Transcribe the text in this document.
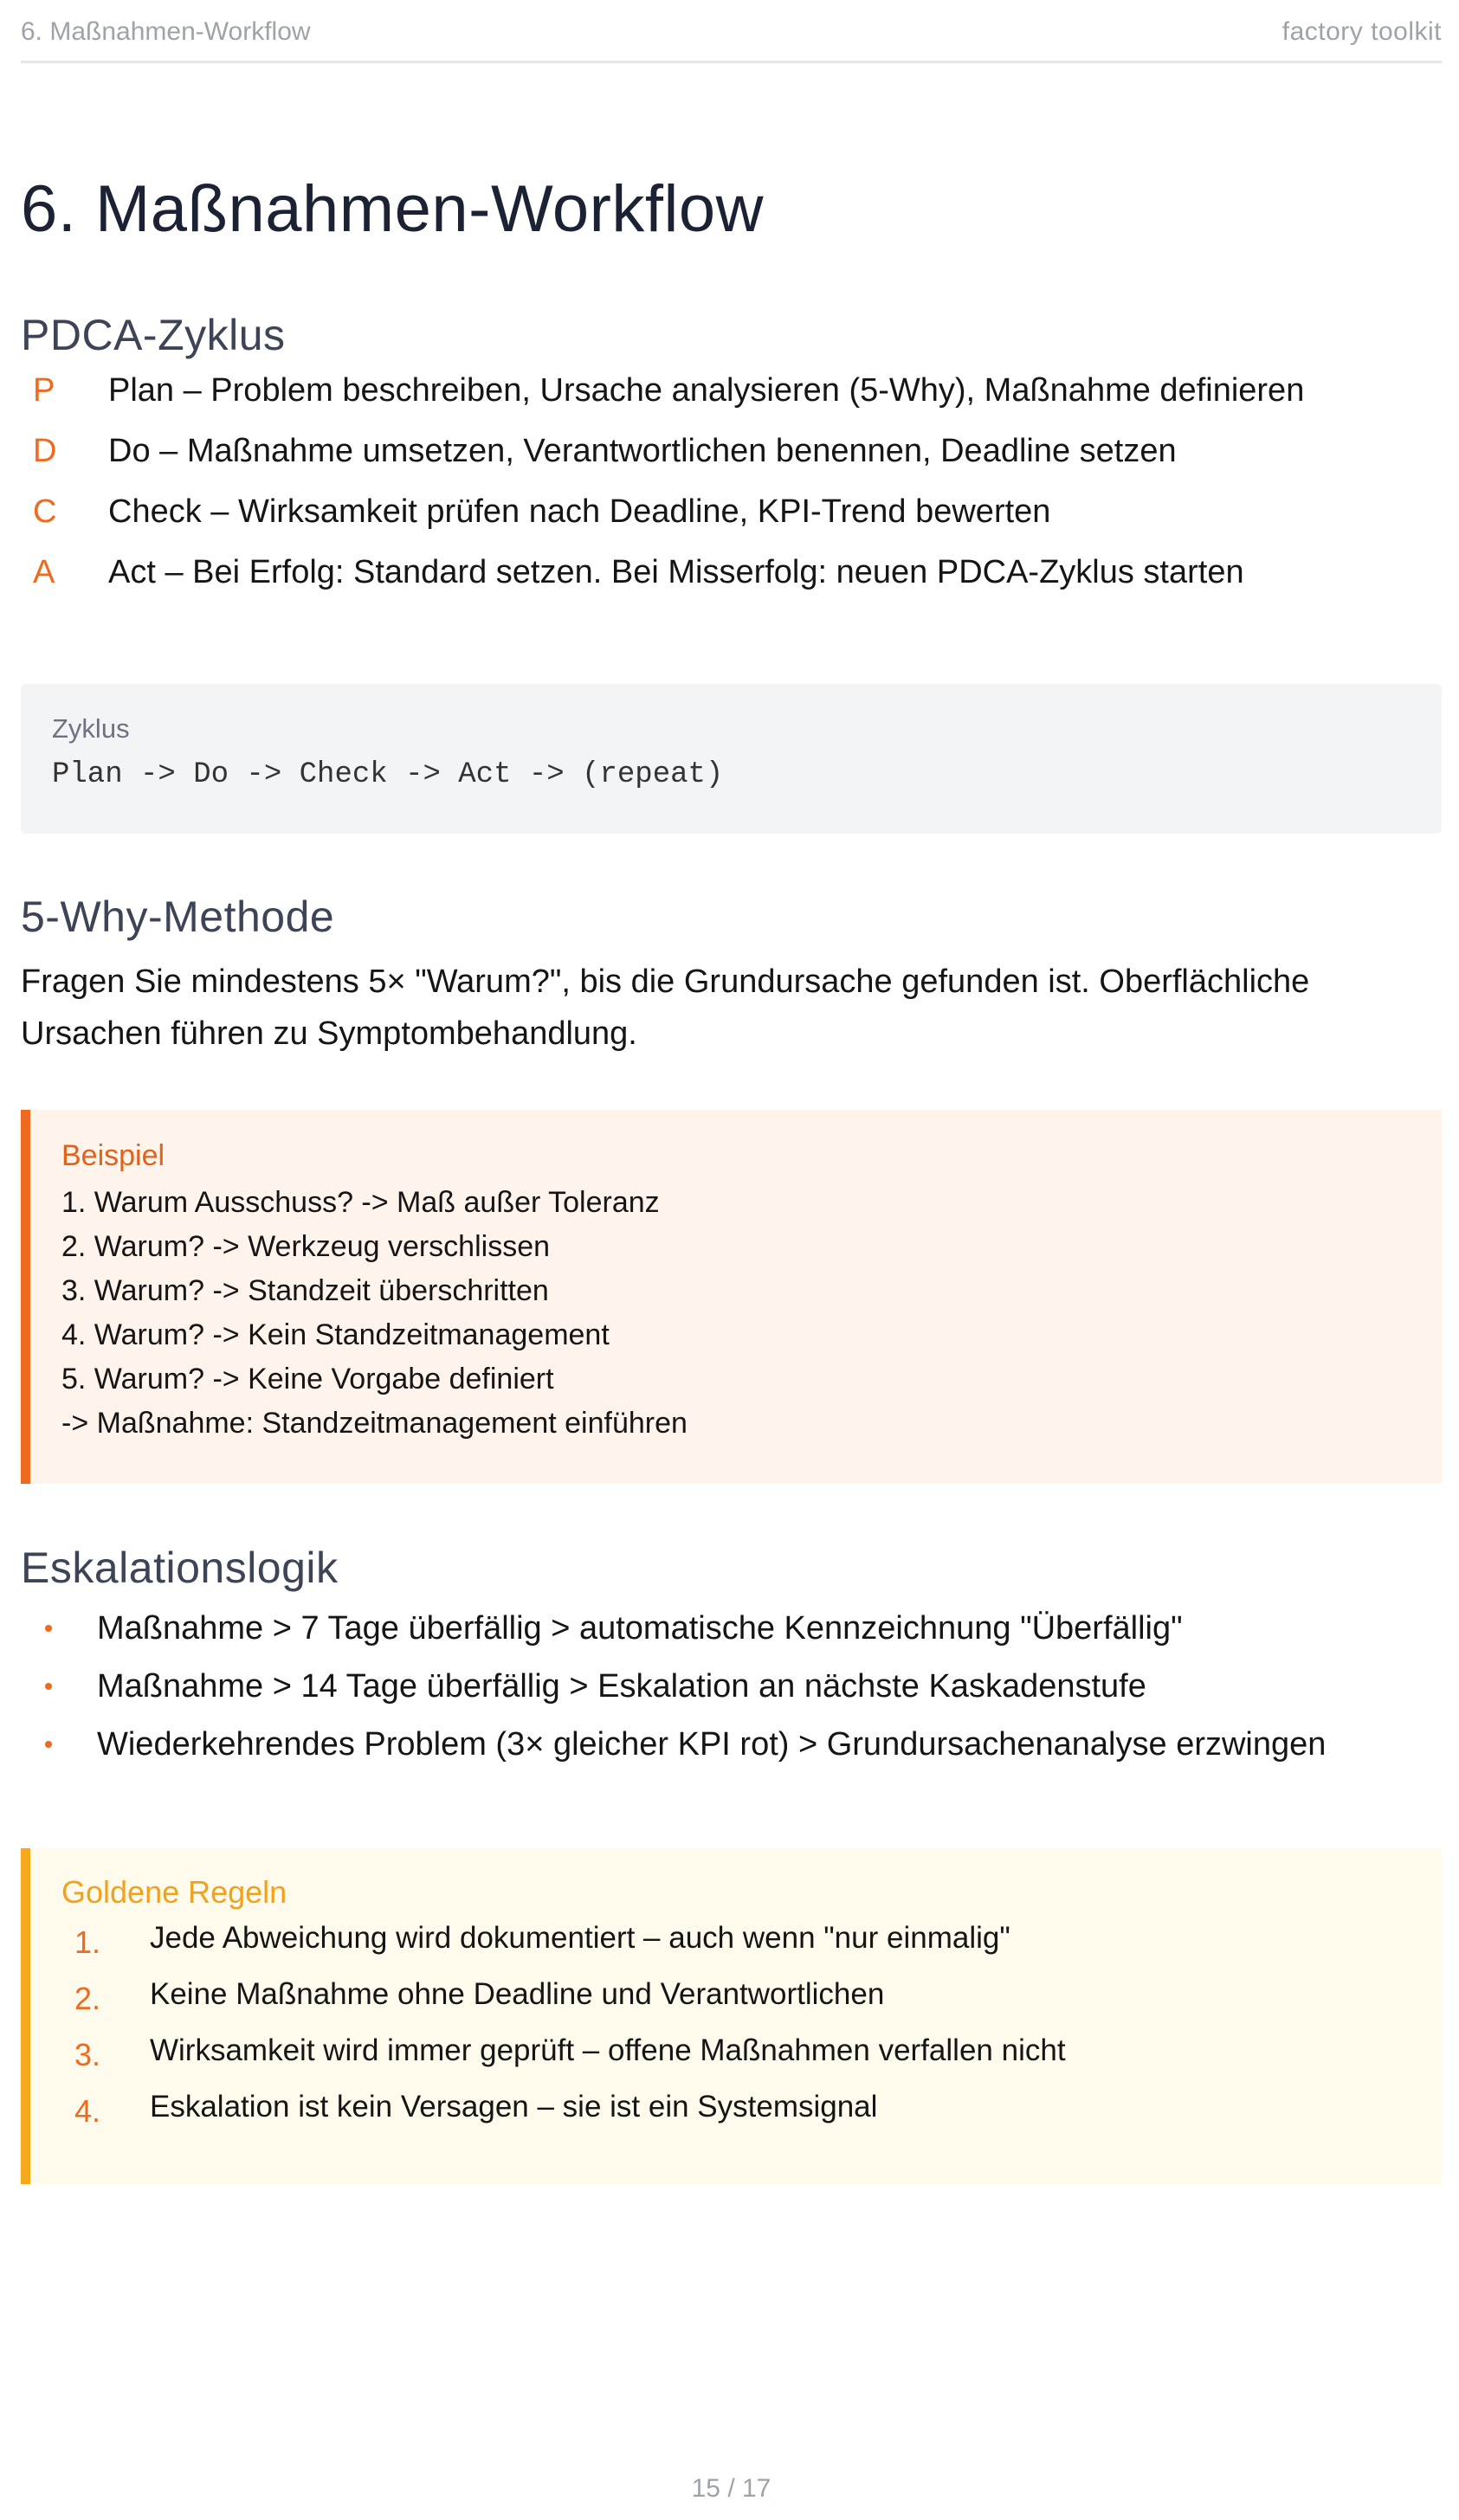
6. Maßnahmen-Workflow	factory toolkit
6. Maßnahmen-Workflow
PDCA-Zyklus
P Plan – Problem beschreiben, Ursache analysieren (5-Why), Maßnahme definieren
D Do – Maßnahme umsetzen, Verantwortlichen benennen, Deadline setzen
C Check – Wirksamkeit prüfen nach Deadline, KPI-Trend bewerten
A Act – Bei Erfolg: Standard setzen. Bei Misserfolg: neuen PDCA-Zyklus starten
Zyklus
Plan -> Do -> Check -> Act -> (repeat)
5-Why-Methode
Fragen Sie mindestens 5× "Warum?", bis die Grundursache gefunden ist. Oberflächliche
Ursachen führen zu Symptombehandlung.
Beispiel
1. Warum Ausschuss? -> Maß außer Toleranz
2. Warum? -> Werkzeug verschlissen
3. Warum? -> Standzeit überschritten
4. Warum? -> Kein Standzeitmanagement
5. Warum? -> Keine Vorgabe definiert
-> Maßnahme: Standzeitmanagement einführen
Eskalationslogik
Maßnahme > 7 Tage überfällig > automatische Kennzeichnung "Überfällig"
Maßnahme > 14 Tage überfällig > Eskalation an nächste Kaskadenstufe
Wiederkehrendes Problem (3× gleicher KPI rot) > Grundursachenanalyse erzwingen
Goldene Regeln
1. Jede Abweichung wird dokumentiert – auch wenn "nur einmalig"
2. Keine Maßnahme ohne Deadline und Verantwortlichen
3. Wirksamkeit wird immer geprüft – offene Maßnahmen verfallen nicht
4. Eskalation ist kein Versagen – sie ist ein Systemsignal
15 / 17
